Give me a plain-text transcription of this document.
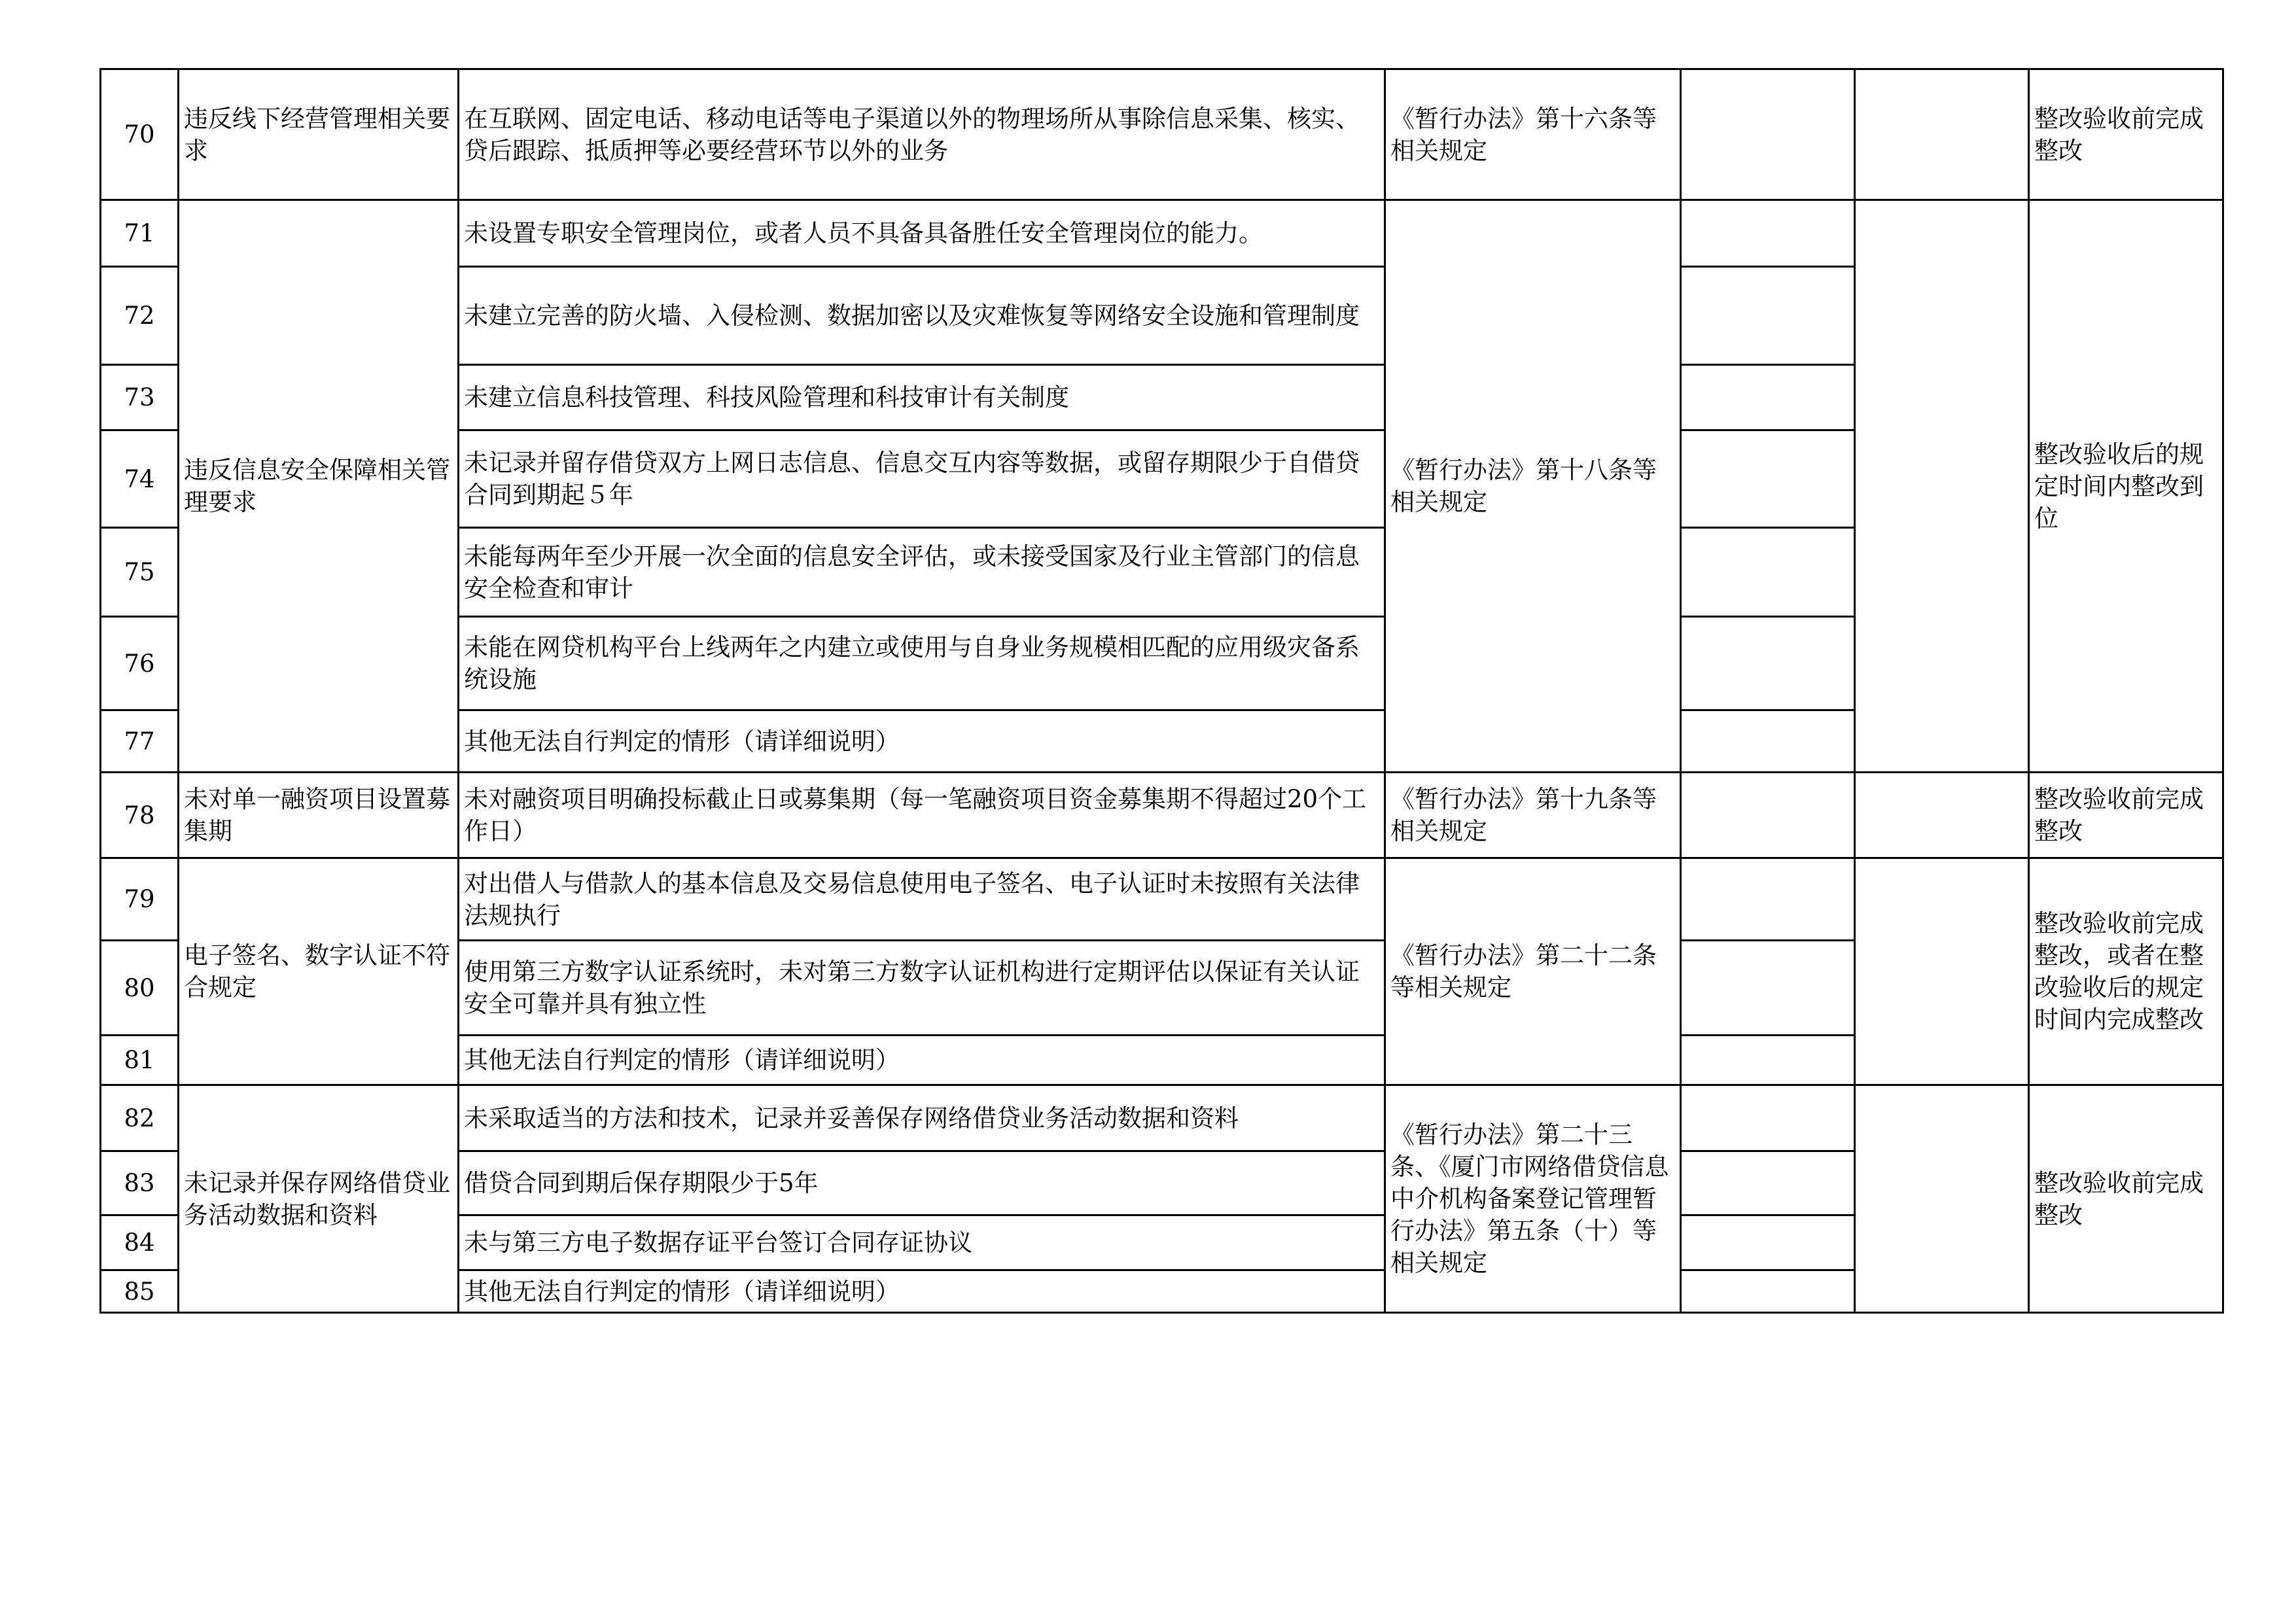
70	违反线下经营管理相关要求	在互联网、固定电话、移动电话等电子渠道以外的物理场所从事除信息采集、核实、贷后跟踪、抵质押等必要经营环节以外的业务	《暂行办法》第十六条等相关规定			整改验收前完成整改
71	违反信息安全保障相关管理要求	未设置专职安全管理岗位，或者人员不具备具备胜任安全管理岗位的能力。	《暂行办法》第十八条等相关规定			整改验收后的规定时间内整改到位
72		未建立完善的防火墙、入侵检测、数据加密以及灾难恢复等网络安全设施和管理制度				
73		未建立信息科技管理、科技风险管理和科技审计有关制度				
74		未记录并留存借贷双方上网日志信息、信息交互内容等数据，或留存期限少于自借贷合同到期起５年				
75		未能每两年至少开展一次全面的信息安全评估，或未接受国家及行业主管部门的信息安全检查和审计				
76		未能在网贷机构平台上线两年之内建立或使用与自身业务规模相匹配的应用级灾备系统设施				
77		其他无法自行判定的情形（请详细说明）				
78	未对单一融资项目设置募集期	未对融资项目明确投标截止日或募集期（每一笔融资项目资金募集期不得超过20个工作日）	《暂行办法》第十九条等相关规定			整改验收前完成整改
79	电子签名、数字认证不符合规定	对出借人与借款人的基本信息及交易信息使用电子签名、电子认证时未按照有关法律法规执行	《暂行办法》第二十二条等相关规定			整改验收前完成整改，或者在整改验收后的规定时间内完成整改
80		使用第三方数字认证系统时，未对第三方数字认证机构进行定期评估以保证有关认证安全可靠并具有独立性				
81		其他无法自行判定的情形（请详细说明）				
82	未记录并保存网络借贷业务活动数据和资料	未采取适当的方法和技术，记录并妥善保存网络借贷业务活动数据和资料	《暂行办法》第二十三条、《厦门市网络借贷信息中介机构备案登记管理暂行办法》第五条（十）等相关规定			整改验收前完成整改
83		借贷合同到期后保存期限少于5年				
84		未与第三方电子数据存证平台签订合同存证协议				
85		其他无法自行判定的情形（请详细说明）				
